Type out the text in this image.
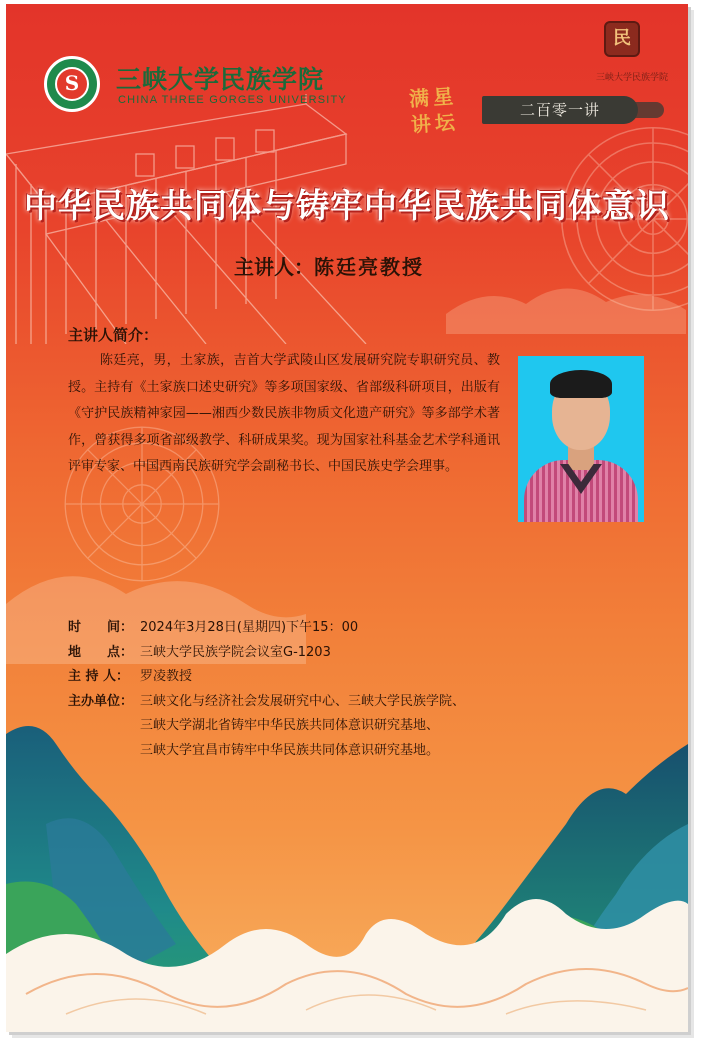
S	三峡大学民族学院
CHINA THREE GORGES UNIVERSITY
民
三峡大学民族学院
满星讲坛	二百零一讲
中华民族共同体与铸牢中华民族共同体意识
主讲人：陈廷亮教授
主讲人简介：
陈廷亮，男，土家族，吉首大学武陵山区发展研究院专职研究员、教授。主持有《土家族口述史研究》等多项国家级、省部级科研项目，出版有《守护民族精神家园——湘西少数民族非物质文化遗产研究》等多部学术著作，曾获得多项省部级教学、科研成果奖。现为国家社科基金艺术学科通讯评审专家、中国西南民族研究学会副秘书长、中国民族史学会理事。
时　　间： 2024年3月28日(星期四)下午15：00
地　　点： 三峡大学民族学院会议室G-1203
主 持 人： 罗凌教授
主办单位： 三峡文化与经济社会发展研究中心、三峡大学民族学院、
三峡大学湖北省铸牢中华民族共同体意识研究基地、
三峡大学宜昌市铸牢中华民族共同体意识研究基地。
